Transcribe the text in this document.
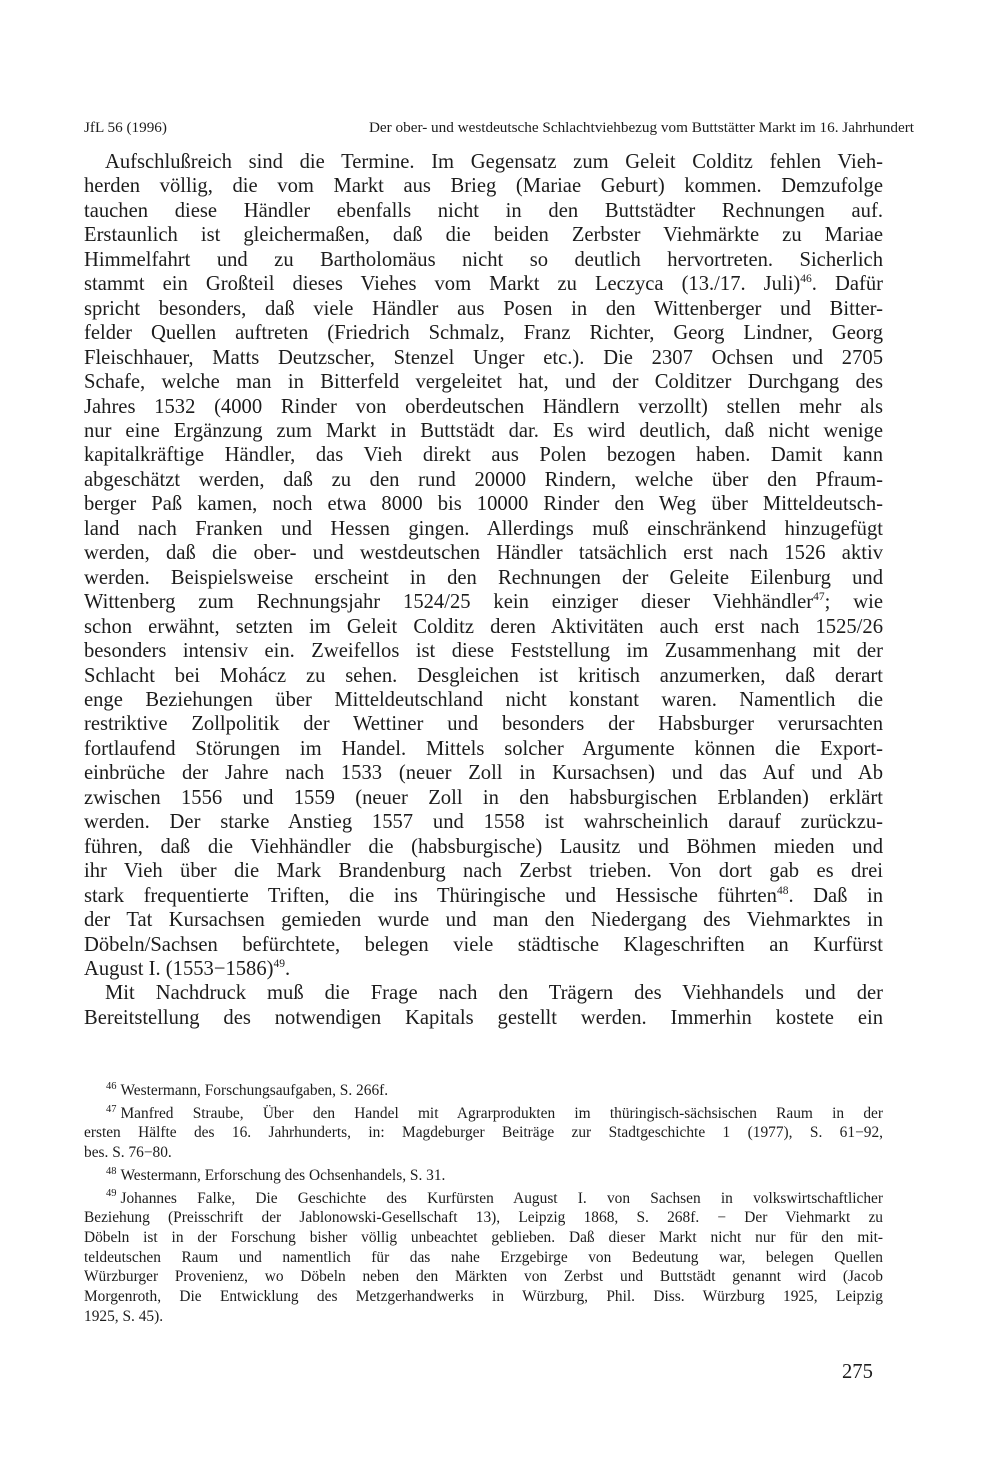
JfL 56 (1996)	Der ober- und westdeutsche Schlachtviehbezug vom Buttstätter Markt im 16. Jahrhundert

Aufschlußreich sind die Termine. Im Gegensatz zum Geleit Colditz fehlen Vieh-
herden völlig, die vom Markt aus Brieg (Mariae Geburt) kommen. Demzufolge
tauchen diese Händler ebenfalls nicht in den Buttstädter Rechnungen auf.
Erstaunlich ist gleichermaßen, daß die beiden Zerbster Viehmärkte zu Mariae
Himmelfahrt und zu Bartholomäus nicht so deutlich hervortreten. Sicherlich
stammt ein Großteil dieses Viehes vom Markt zu Leczyca (13./17. Juli)$^{46}$. Dafür
spricht besonders, daß viele Händler aus Posen in den Wittenberger und Bitter-
felder Quellen auftreten (Friedrich Schmalz, Franz Richter, Georg Lindner, Georg
Fleischhauer, Matts Deutzscher, Stenzel Unger etc.). Die 2307 Ochsen und 2705
Schafe, welche man in Bitterfeld vergeleitet hat, und der Colditzer Durchgang des
Jahres 1532 (4000 Rinder von oberdeutschen Händlern verzollt) stellen mehr als
nur eine Ergänzung zum Markt in Buttstädt dar. Es wird deutlich, daß nicht wenige
kapitalkräftige Händler, das Vieh direkt aus Polen bezogen haben. Damit kann
abgeschätzt werden, daß zu den rund 20000 Rindern, welche über den Pfraum-
berger Paß kamen, noch etwa 8000 bis 10000 Rinder den Weg über Mitteldeutsch-
land nach Franken und Hessen gingen. Allerdings muß einschränkend hinzugefügt
werden, daß die ober- und westdeutschen Händler tatsächlich erst nach 1526 aktiv
werden. Beispielsweise erscheint in den Rechnungen der Geleite Eilenburg und
Wittenberg zum Rechnungsjahr 1524/25 kein einziger dieser Viehhändler$^{47}$; wie
schon erwähnt, setzten im Geleit Colditz deren Aktivitäten auch erst nach 1525/26
besonders intensiv ein. Zweifellos ist diese Feststellung im Zusammenhang mit der
Schlacht bei Mohácz zu sehen. Desgleichen ist kritisch anzumerken, daß derart
enge Beziehungen über Mitteldeutschland nicht konstant waren. Namentlich die
restriktive Zollpolitik der Wettiner und besonders der Habsburger verursachten
fortlaufend Störungen im Handel. Mittels solcher Argumente können die Export-
einbrüche der Jahre nach 1533 (neuer Zoll in Kursachsen) und das Auf und Ab
zwischen 1556 und 1559 (neuer Zoll in den habsburgischen Erblanden) erklärt
werden. Der starke Anstieg 1557 und 1558 ist wahrscheinlich darauf zurückzu-
führen, daß die Viehhändler die (habsburgische) Lausitz und Böhmen mieden und
ihr Vieh über die Mark Brandenburg nach Zerbst trieben. Von dort gab es drei
stark frequentierte Triften, die ins Thüringische und Hessische führten$^{48}$. Daß in
der Tat Kursachsen gemieden wurde und man den Niedergang des Viehmarktes in
Döbeln/Sachsen befürchtete, belegen viele städtische Klageschriften an Kurfürst
August I. (1553−1586)$^{49}$.

Mit Nachdruck muß die Frage nach den Trägern des Viehhandels und der
Bereitstellung des notwendigen Kapitals gestellt werden. Immerhin kostete ein

$^{46}$ Westermann, Forschungsaufgaben, S. 266f.
$^{47}$ Manfred Straube, Über den Handel mit Agrarprodukten im thüringisch-sächsischen Raum in der
ersten Hälfte des 16. Jahrhunderts, in: Magdeburger Beiträge zur Stadtgeschichte 1 (1977), S. 61−92,
bes. S. 76−80.
$^{48}$ Westermann, Erforschung des Ochsenhandels, S. 31.
$^{49}$ Johannes Falke, Die Geschichte des Kurfürsten August I. von Sachsen in volkswirtschaftlicher
Beziehung (Preisschrift der Jablonowski-Gesellschaft 13), Leipzig 1868, S. 268f. − Der Viehmarkt zu
Döbeln ist in der Forschung bisher völlig unbeachtet geblieben. Daß dieser Markt nicht nur für den mit-
teldeutschen Raum und namentlich für das nahe Erzgebirge von Bedeutung war, belegen Quellen
Würzburger Provenienz, wo Döbeln neben den Märkten von Zerbst und Buttstädt genannt wird (Jacob
Morgenroth, Die Entwicklung des Metzgerhandwerks in Würzburg, Phil. Diss. Würzburg 1925, Leipzig
1925, S. 45).
275
